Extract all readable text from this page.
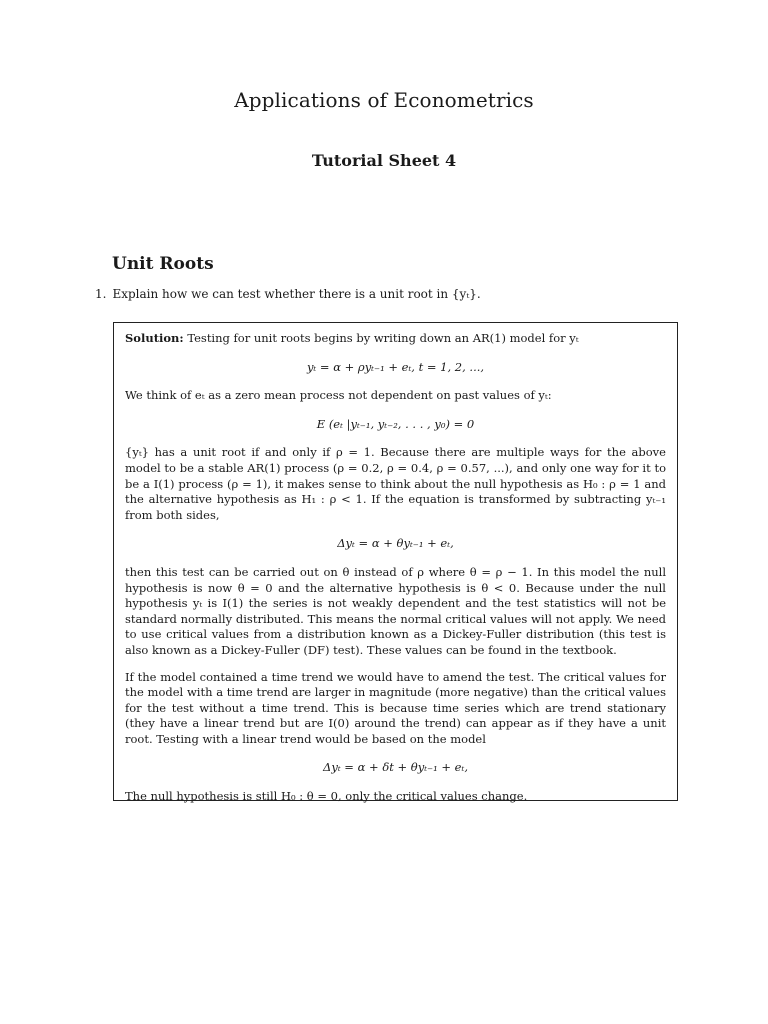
Applications of Econometrics
Tutorial Sheet 4
Unit Roots

1. Explain how we can test whether there is a unit root in {yₜ}.

Solution: Testing for unit roots begins by writing down an AR(1) model for yₜ

yₜ = α + ρyₜ₋₁ + eₜ, t = 1, 2, ...,

We think of eₜ as a zero mean process not dependent on past values of yₜ:

E (eₜ |yₜ₋₁, yₜ₋₂, . . . , y₀) = 0

{yₜ} has a unit root if and only if ρ = 1. Because there are multiple ways for the above model to be a stable AR(1) process (ρ = 0.2, ρ = 0.4, ρ = 0.57, ...), and only one way for it to be a I(1) process (ρ = 1), it makes sense to think about the null hypothesis as H₀ : ρ = 1 and the alternative hypothesis as H₁ : ρ < 1. If the equation is transformed by subtracting yₜ₋₁ from both sides,

Δyₜ = α + θyₜ₋₁ + eₜ,

then this test can be carried out on θ instead of ρ where θ = ρ − 1. In this model the null hypothesis is now θ = 0 and the alternative hypothesis is θ < 0. Because under the null hypothesis yₜ is I(1) the series is not weakly dependent and the test statistics will not be standard normally distributed. This means the normal critical values will not apply. We need to use critical values from a distribution known as a Dickey-Fuller distribution (this test is also known as a Dickey-Fuller (DF) test). These values can be found in the textbook.

If the model contained a time trend we would have to amend the test. The critical values for the model with a time trend are larger in magnitude (more negative) than the critical values for the test without a time trend. This is because time series which are trend stationary (they have a linear trend but are I(0) around the trend) can appear as if they have a unit root. Testing with a linear trend would be based on the model

Δyₜ = α + δt + θyₜ₋₁ + eₜ,

The null hypothesis is still H₀ : θ = 0, only the critical values change.
